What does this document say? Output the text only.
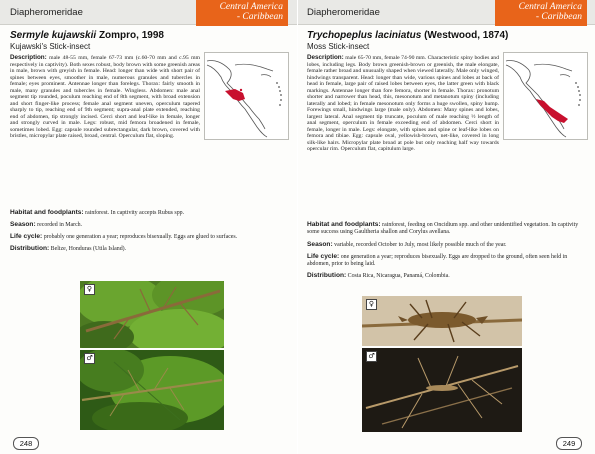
Diapheromeridae	Central America
- Caribbean
Sermyle kujawskii Zompro, 1998
Kujawski's Stick-insect
Description: male 48-55 mm, female 67-73 mm (c.60-70 mm and c.95 mm respectively in captivity). Both sexes robust, body brown with some greenish areas in male, brown with greyish in female. Head: longer than wide with short pair of spines between eyes, smoother in male, numerous granules and tubercles in female; eyes prominent. Antennae longer than forelegs. Thorax: fairly smooth in male, many granules and tubercles in female. Wingless. Abdomen: male anal segment tip rounded, poculum reaching end of 8th segment, with broad extension and short finger-like process; female anal segment uneven, operculum tapered sharply to tip, reaching end of 9th segment; supra-anal plate extended, reaching end of abdomen, tip strongly incised. Cerci short and leaf-like in female, longer and strongly curved in male. Legs: robust, mid femora broadened in female, sometimes lobed. Egg: capsule rounded subrectangular, dark brown, covered with bristles, micropylar plate raised, broad, central. Operculum flat, sloping.
Habitat and foodplants: rainforest. In captivity accepts Rubus spp.
Season: recorded in March.
Life cycle: probably one generation a year; reproduces bisexually. Eggs are glued to surfaces.
Distribution: Belize, Honduras (Utila Island).
♀
♂
248
Diapheromeridae	Central America
- Caribbean
Trychopeplus laciniatus (Westwood, 1874)
Moss Stick-insect
Description: male 65-70 mm, female 74-90 mm. Characteristic spiny bodies and lobes, including legs. Body brown greenish-brown or greenish, the male elongate, female rather broad and unusually shaped when viewed laterally. Male only winged, hindwings transparent. Head: longer than wide, various spines and lobes at back of head in female, large pair of raised lobes between eyes, the latter green with black markings. Antennae longer than fore femora, shorter in female. Thorax: pronotum shorter and narrower than head, this, mesonotum and metanotum spiny (including laterally and lobed; in female mesonotum only forms a huge swollen, spiny hump. Forewings small, hindwings large (male only). Abdomen: Many spines and lobes, largest lateral. Anal segment tip truncate, poculum of male reaching ½ length of anal segment, operculum in female exceeding end of abdomen. Cerci short in female, longer in male. Legs: elongate, with spines and spine or leaf-like lobes on femora and tibiae. Egg: capsule oval, yellowish-brown, net-like, covered in long silk-like hairs. Micropylar plate broad at pole but only reaching half way towards opercular rim. Operculum flat, capitulum large.
Habitat and foodplants: rainforest, feeding on Oncidium spp. and other unidentified vegetation. In captivity some success using Gaultheria shallon and Corylus avellana.
Season: variable, recorded October to July, most likely possible much of the year.
Life cycle: one generation a year; reproduces bisexually. Eggs are dropped to the ground, often seen held in abdomen, prior to being laid.
Distribution: Costa Rica, Nicaragua, Panamá, Colombia.
♀
♂
249
